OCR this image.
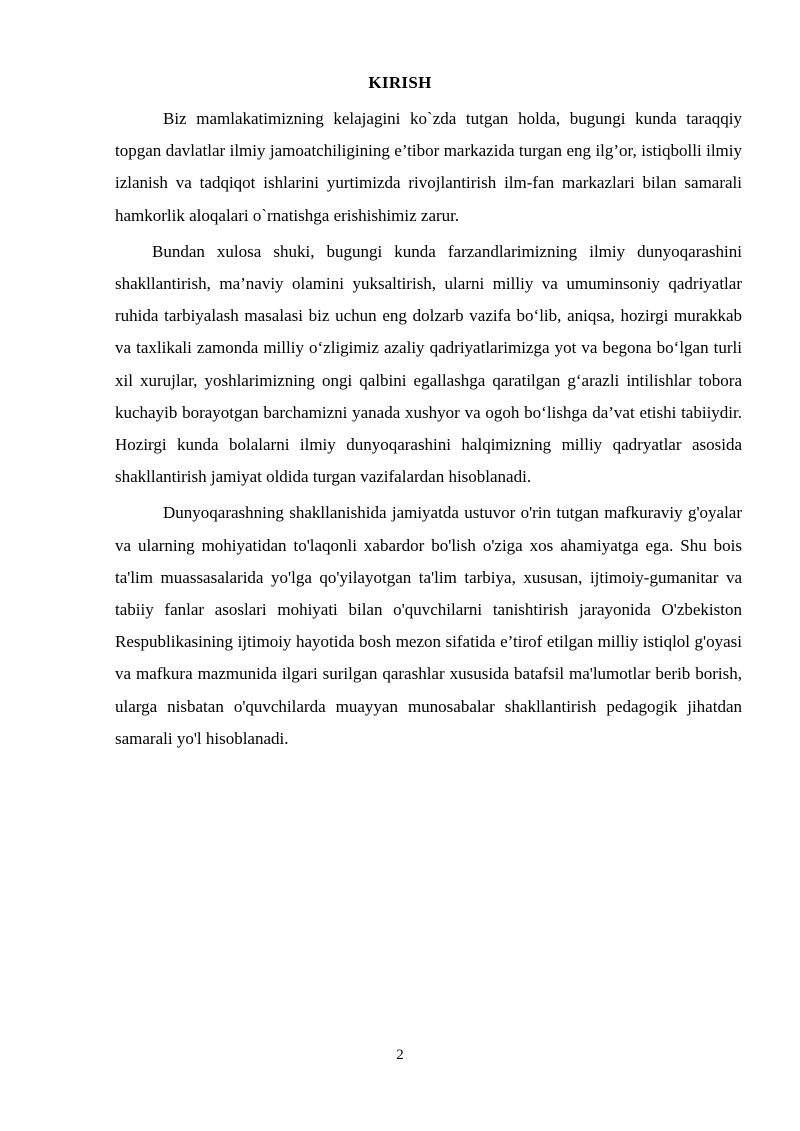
KIRISH

Biz mamlakatimizning kelajagini ko`zda tutgan holda, bugungi kunda taraqqiy topgan davlatlar ilmiy jamoatchiligining e’tibor markazida turgan eng ilg’or, istiqbolli ilmiy izlanish va tadqiqot ishlarini yurtimizda rivojlantirish ilm-fan markazlari bilan samarali hamkorlik aloqalari o`rnatishga erishishimiz zarur.

Bundan xulosa shuki, bugungi kunda farzandlarimizning ilmiy dunyoqarashini shakllantirish, ma’naviy olamini yuksaltirish, ularni milliy va umuminsoniy qadriyatlar ruhida tarbiyalash masalasi biz uchun eng dolzarb vazifa bo‘lib, aniqsa, hozirgi murakkab va taxlikali zamonda milliy o‘zligimiz azaliy qadriyatlarimizga yot va begona bo‘lgan turli xil xurujlar, yoshlarimizning ongi qalbini egallashga qaratilgan g‘arazli intilishlar tobora kuchayib borayotgan barchamizni yanada xushyor va ogoh bo‘lishga da’vat etishi tabiiydir. Hozirgi kunda bolalarni ilmiy dunyoqarashini halqimizning milliy qadryatlar asosida shakllantirish jamiyat oldida turgan vazifalardan hisoblanadi.

Dunyoqarashning shakllanishida jamiyatda ustuvor o'rin tutgan mafkuraviy g'oyalar va ularning mohiyatidan to'laqonli xabardor bo'lish o'ziga xos ahamiyatga ega. Shu bois ta'lim muassasalarida yo'lga qo'yilayotgan ta'lim tarbiya, xususan, ijtimoiy-gumanitar va tabiiy fanlar asoslari mohiyati bilan o'quvchilarni tanishtirish jarayonida O'zbekiston Respublikasining ijtimoiy hayotida bosh mezon sifatida e’tirof etilgan milliy istiqlol g'oyasi va mafkura mazmunida ilgari surilgan qarashlar xususida batafsil ma'lumotlar berib borish, ularga nisbatan o'quvchilarda muayyan munosabalar shakllantirish pedagogik jihatdan samarali yo'l hisoblanadi.

2
